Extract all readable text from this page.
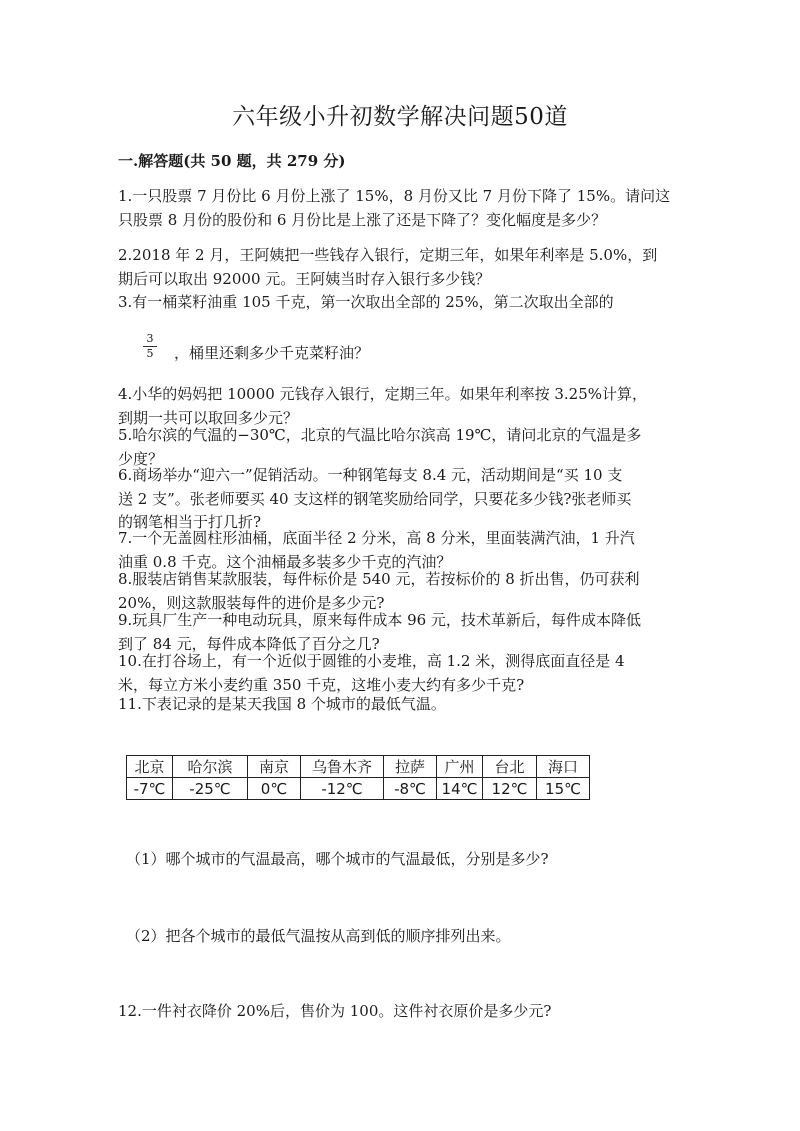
六年级小升初数学解决问题50道
一.解答题(共 50 题，共 279 分)
1.一只股票 7 月份比 6 月份上涨了 15%，8 月份又比 7 月份下降了 15%。请问这
只股票 8 月份的股份和 6 月份比是上涨了还是下降了？变化幅度是多少？
2.2018 年 2 月，王阿姨把一些钱存入银行，定期三年，如果年利率是 5.0%，到
期后可以取出 92000 元。王阿姨当时存入银行多少钱？
3.有一桶菜籽油重 105 千克，第一次取出全部的 25%，第二次取出全部的
3
5 ，桶里还剩多少千克菜籽油？
4.小华的妈妈把 10000 元钱存入银行，定期三年。如果年利率按 3.25%计算，
到期一共可以取回多少元？
5.哈尔滨的气温的−30℃，北京的气温比哈尔滨高 19℃，请问北京的气温是多
少度？
6.商场举办“迎六一”促销活动。一种钢笔每支 8.4 元，活动期间是“买 10 支
送 2 支”。张老师要买 40 支这样的钢笔奖励给同学，只要花多少钱?张老师买
的钢笔相当于打几折?
7.一个无盖圆柱形油桶，底面半径 2 分米，高 8 分米，里面装满汽油，1 升汽
油重 0.8 千克。这个油桶最多装多少千克的汽油？
8.服装店销售某款服装，每件标价是 540 元，若按标价的 8 折出售，仍可获利
20%，则这款服装每件的进价是多少元?
9.玩具厂生产一种电动玩具，原来每件成本 96 元，技术革新后，每件成本降低
到了 84 元，每件成本降低了百分之几?
10.在打谷场上，有一个近似于圆锥的小麦堆，高 1.2 米，测得底面直径是 4
米，每立方米小麦约重 350 千克，这堆小麦大约有多少千克?
11.下表记录的是某天我国 8 个城市的最低气温。
北京	哈尔滨	南京	乌鲁木齐	拉萨	广州	台北	海口
-7℃	-25℃	0℃	-12℃	-8℃	14℃	12℃	15℃
（1）哪个城市的气温最高，哪个城市的气温最低，分别是多少?
（2）把各个城市的最低气温按从高到低的顺序排列出来。
12.一件衬衣降价 20%后，售价为 100。这件衬衣原价是多少元?
